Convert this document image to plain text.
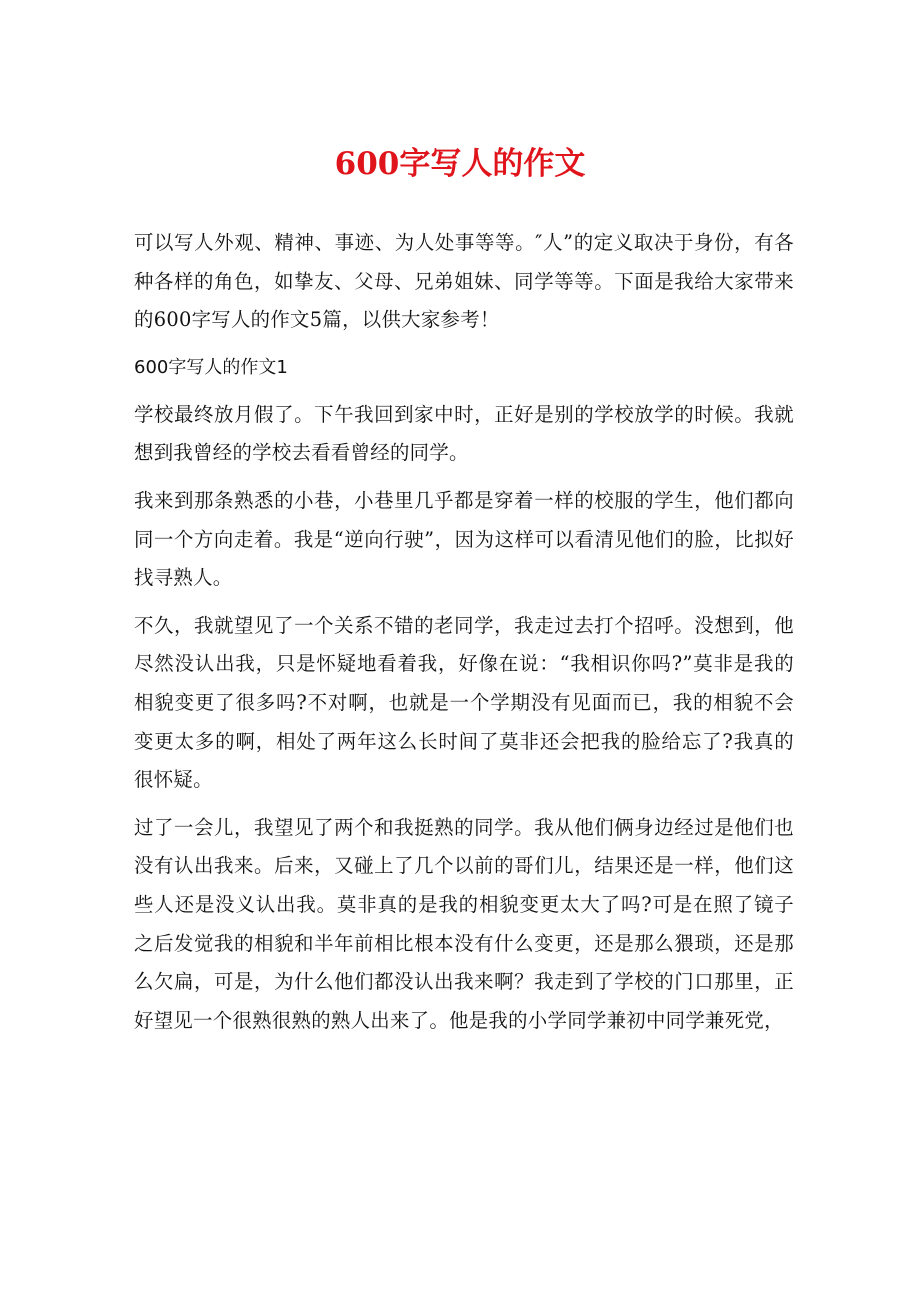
600字写人的作文

可以写人外观、精神、事迹、为人处事等等。″人”的定义取决于身份，有各种各样的角色，如挚友、父母、兄弟姐妹、同学等等。下面是我给大家带来的600字写人的作文5篇，以供大家参考！

600字写人的作文1

学校最终放月假了。下午我回到家中时，正好是别的学校放学的时候。我就想到我曾经的学校去看看曾经的同学。

我来到那条熟悉的小巷，小巷里几乎都是穿着一样的校服的学生，他们都向同一个方向走着。我是“逆向行驶”，因为这样可以看清见他们的脸，比拟好找寻熟人。

不久，我就望见了一个关系不错的老同学，我走过去打个招呼。没想到，他尽然没认出我，只是怀疑地看着我，好像在说：“我相识你吗?”莫非是我的相貌变更了很多吗?不对啊，也就是一个学期没有见面而已，我的相貌不会变更太多的啊，相处了两年这么长时间了莫非还会把我的脸给忘了?我真的很怀疑。

过了一会儿，我望见了两个和我挺熟的同学。我从他们俩身边经过是他们也没有认出我来。后来，又碰上了几个以前的哥们儿，结果还是一样，他们这些人还是没义认出我。莫非真的是我的相貌变更太大了吗?可是在照了镜子之后发觉我的相貌和半年前相比根本没有什么变更，还是那么猥琐，还是那么欠扁，可是，为什么他们都没认出我来啊？我走到了学校的门口那里，正好望见一个很熟很熟的熟人出来了。他是我的小学同学兼初中同学兼死党，
